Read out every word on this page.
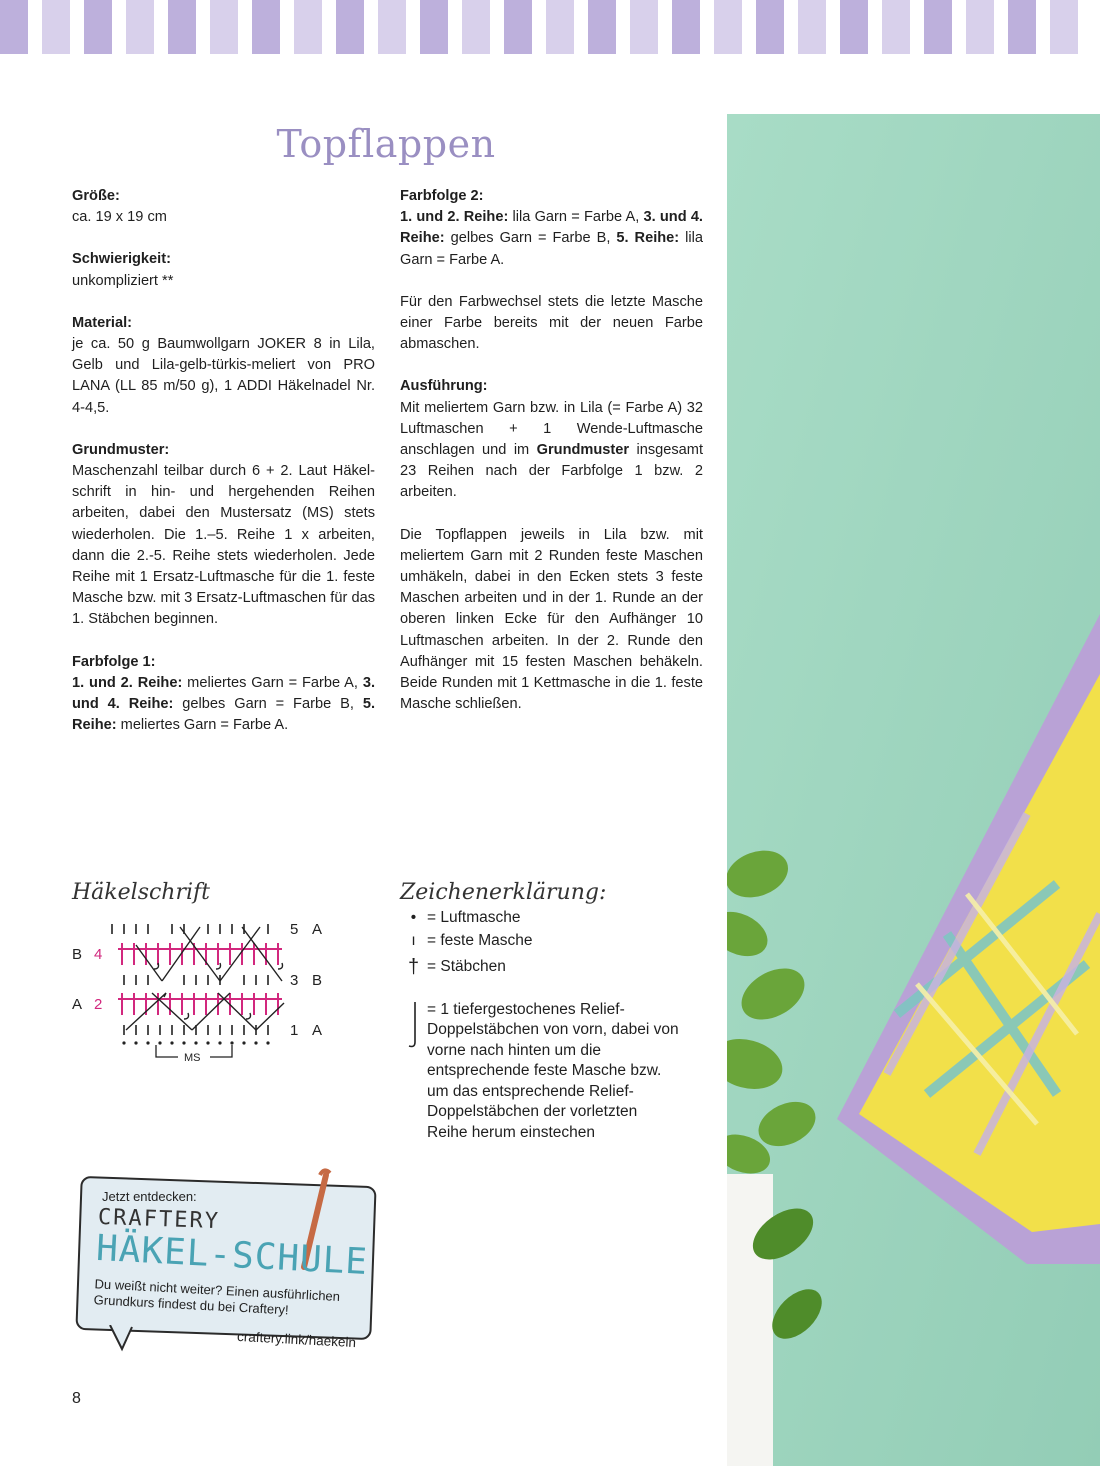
Topflappen
Größe:

ca. 19 x 19 cm

Schwierigkeit:

unkompliziert **

Material:

je ca. 50 g Baumwollgarn JOKER 8 in Lila, Gelb und Lila-gelb-türkis-meliert von PRO LANA (LL 85 m/50 g), 1 ADDI Häkelnadel Nr. 4-4,5.

Grundmuster:

Maschenzahl teilbar durch 6 + 2. Laut Häkelschrift in hin- und hergehenden Reihen arbeiten, dabei den Mustersatz (MS) stets wiederholen. Die 1.–5. Reihe 1 x arbeiten, dann die 2.-5. Reihe stets wiederholen. Jede Reihe mit 1 Ersatz-Luftmasche für die 1. feste Masche bzw. mit 3 Ersatz-Luftmaschen für das 1. Stäbchen beginnen.

Farbfolge 1:

1. und 2. Reihe: meliertes Garn = Farbe A, 3. und 4. Reihe: gelbes Garn = Farbe B, 5. Reihe: meliertes Garn = Farbe A.

Farbfolge 2:

1. und 2. Reihe: lila Garn = Farbe A, 3. und 4. Reihe: gelbes Garn = Farbe B, 5. Reihe: lila Garn = Farbe A.

Für den Farbwechsel stets die letzte Masche einer Farbe bereits mit der neuen Farbe abmaschen.

Ausführung:

Mit meliertem Garn bzw. in Lila (= Farbe A) 32 Luftmaschen + 1 Wende-Luftmasche anschlagen und im Grundmuster insgesamt 23 Reihen nach der Farbfolge 1 bzw. 2 arbeiten.

Die Topflappen jeweils in Lila bzw. mit meliertem Garn mit 2 Runden feste Maschen umhäkeln, dabei in den Ecken stets 3 feste Maschen arbeiten und in der 1. Runde an der oberen linken Ecke für den Aufhänger 10 Luftmaschen arbeiten. In der 2. Runde den Aufhänger mit 15 festen Maschen behäkeln. Beide Runden mit 1 Kettmasche in die 1. feste Masche schließen.

Häkelschrift
MS
5 A
B 4
3 B
A 2
1 A
Zeichenerklärung:
• = Luftmasche
ı = feste Masche
† = Stäbchen
= 1 tiefergestochenes Relief-Doppelstäbchen von vorn, dabei von vorne nach hinten um die entsprechende feste Masche bzw. um das entsprechende Relief-Doppelstäbchen der vorletzten Reihe herum einstechen
Jetzt entdecken:
CRAFTERY
HÄKEL-SCHULE
Du weißt nicht weiter? Einen ausführlichen Grundkurs findest du bei Craftery!
craftery.link/haekeln
8
